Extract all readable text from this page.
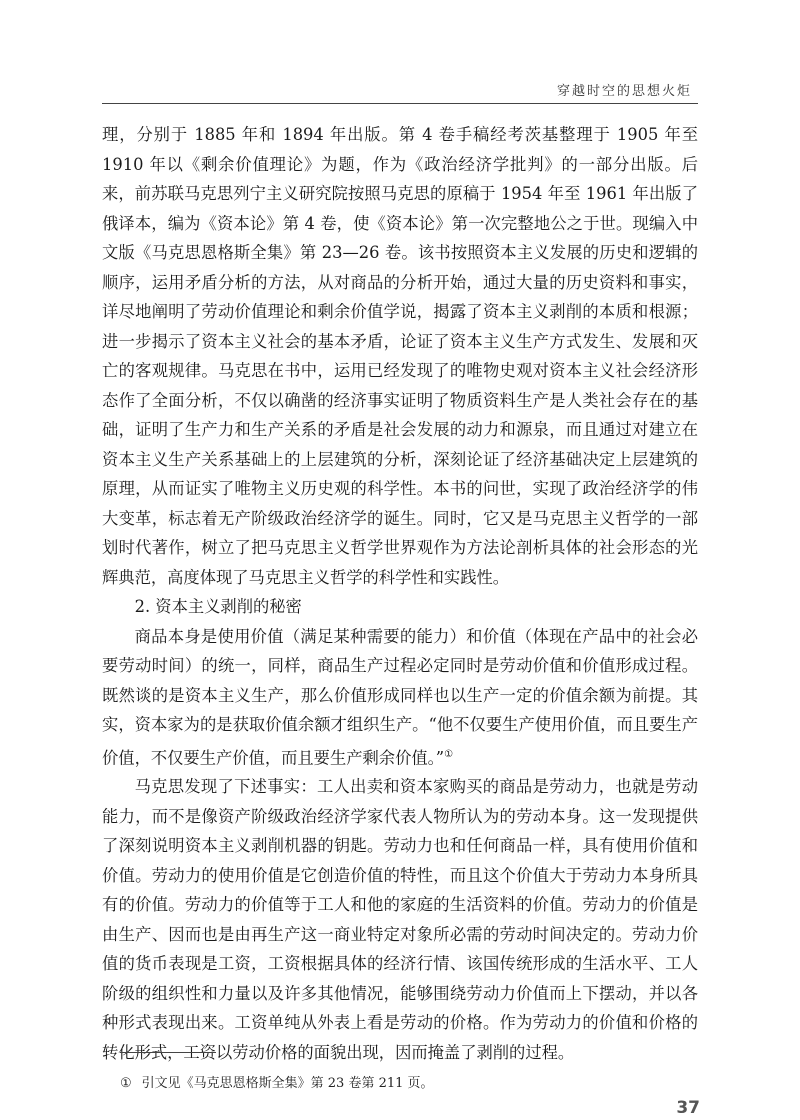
穿越时空的思想火炬

理，分别于 1885 年和 1894 年出版。第 4 卷手稿经考茨基整理于 1905 年至 1910 年以《剩余价值理论》为题，作为《政治经济学批判》的一部分出版。后来，前苏联马克思列宁主义研究院按照马克思的原稿于 1954 年至 1961 年出版了俄译本，编为《资本论》第 4 卷，使《资本论》第一次完整地公之于世。现编入中文版《马克思恩格斯全集》第 23—26 卷。该书按照资本主义发展的历史和逻辑的顺序，运用矛盾分析的方法，从对商品的分析开始，通过大量的历史资料和事实，详尽地阐明了劳动价值理论和剩余价值学说，揭露了资本主义剥削的本质和根源；进一步揭示了资本主义社会的基本矛盾，论证了资本主义生产方式发生、发展和灭亡的客观规律。马克思在书中，运用已经发现了的唯物史观对资本主义社会经济形态作了全面分析，不仅以确凿的经济事实证明了物质资料生产是人类社会存在的基础，证明了生产力和生产关系的矛盾是社会发展的动力和源泉，而且通过对建立在资本主义生产关系基础上的上层建筑的分析，深刻论证了经济基础决定上层建筑的原理，从而证实了唯物主义历史观的科学性。本书的问世，实现了政治经济学的伟大变革，标志着无产阶级政治经济学的诞生。同时，它又是马克思主义哲学的一部划时代著作，树立了把马克思主义哲学世界观作为方法论剖析具体的社会形态的光辉典范，高度体现了马克思主义哲学的科学性和实践性。

2. 资本主义剥削的秘密

商品本身是使用价值（满足某种需要的能力）和价值（体现在产品中的社会必要劳动时间）的统一，同样，商品生产过程必定同时是劳动价值和价值形成过程。既然谈的是资本主义生产，那么价值形成同样也以生产一定的价值余额为前提。其实，资本家为的是获取价值余额才组织生产。“他不仅要生产使用价值，而且要生产价值，不仅要生产价值，而且要生产剩余价值。”①

马克思发现了下述事实：工人出卖和资本家购买的商品是劳动力，也就是劳动能力，而不是像资产阶级政治经济学家代表人物所认为的劳动本身。这一发现提供了深刻说明资本主义剥削机器的钥匙。劳动力也和任何商品一样，具有使用价值和价值。劳动力的使用价值是它创造价值的特性，而且这个价值大于劳动力本身所具有的价值。劳动力的价值等于工人和他的家庭的生活资料的价值。劳动力的价值是由生产、因而也是由再生产这一商业特定对象所必需的劳动时间决定的。劳动力价值的货币表现是工资，工资根据具体的经济行情、该国传统形成的生活水平、工人阶级的组织性和力量以及许多其他情况，能够围绕劳动力价值而上下摆动，并以各种形式表现出来。工资单纯从外表上看是劳动的价格。作为劳动力的价值和价格的转化形式，工资以劳动价格的面貌出现，因而掩盖了剥削的过程。

① 引文见《马克思恩格斯全集》第 23 卷第 211 页。
37
